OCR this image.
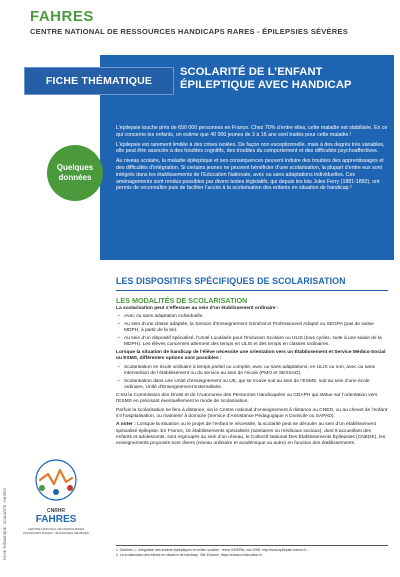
FAHRES
CENTRE NATIONAL DE RESSOURCES HANDICAPS RARES - ÉPILEPSIES SÉVÈRES
FICHE THÉMATIQUE
SCOLARITÉ DE L’ENFANT ÉPILEPTIQUE AVEC HANDICAP
Quelques données

L’épilepsie touche près de 650 000 personnes en France. Chez 70% d’entre elles, cette maladie est stabilisée. En ce qui concerne les enfants, on estime que 40 000 jeunes de 3 à 16 ans sont traités pour cette maladie.¹

L’épilepsie est rarement limitée à des crises isolées. De façon non exceptionnelle, mais à des degrés très variables, elle peut être associée à des troubles cognitifs, des troubles du comportement et des difficultés psychoaffectives.

Au niveau scolaire, la maladie épileptique et ses conséquences peuvent induire des troubles des apprentissages et des difficultés d’intégration. Si certains jeunes ne peuvent bénéficier d’une scolarisation, la plupart d’entre eux sont intégrés dans les établissements de l’Education Nationale, avec ou sans adaptations individuelles. Ces aménagements sont rendus possibles par divers textes législatifs, qui depuis les lois Jules Ferry (1881-1882), ont permis de reconnaître puis de faciliter l’accès à la scolarisation des enfants en situation de handicap.²

LES DISPOSITIFS SPÉCIFIQUES DE SCOLARISATION
LES MODALITÉS DE SCOLARISATION
La scolarisation peut s’effectuer au sein d’un établissement ordinaire :
• Avec ou sans adaptation individuelle.
• Au sein d’une classe adaptée, la Section d’Enseignement Général et Professionnel Adapté ou SEGPA (pas de saisie MDPH, à partir de la 6e).
• Au sein d’un dispositif spécialisé, l’Unité Localisée pour l’Inclusion Scolaire ou ULIS (tous cycles, suite à une saisie de la MDPH). Les élèves concernés alternent des temps en ULIS et des temps en classes ordinaires.
Lorsque la situation de handicap de l’élève nécessite une orientation vers un Établissement et Service Médico-Social ou ESMS, différentes options sont possibles :
• Scolarisation en école ordinaire à temps partiel ou complet, avec ou sans adaptations, en ULIS ou non, avec ou sans intervention de l’établissement ou du service au sein de l’école (PMO et SESSAD).
• Scolarisation dans une Unité d’enseignement ou UE, qui se trouve soit au sein de l’ESMS, soit au sein d’une école ordinaire, Unité d’Enseignement Externalisée.

C’est la Commission des Droits et de l’Autonomie des Personnes Handicapées ou CDAPH qui statue sur l’orientation vers l’ESMS en précisant éventuellement le mode de scolarisation.

Parfois la scolarisation se fera à distance, via le Centre national d’enseignement à distance ou CNED, ou au chevet de l’enfant s’il hospitalisation, ou maintenir à domicile (Service d’Assistance Pédagogique A Domicile ou SAPAD).

A noter : Lorsque la situation ou le projet de l’enfant le nécessite, la scolarité peut se dérouler au sein d’un établissement spécialisé épilepsie. En France, 15 établissements spécialisés (sanitaires ou médicaux sociaux), dont 9 accueillant des enfants et adolescents, sont regroupés au sein d’un réseau, le Collectif National Des Établissements Épilepsies (CNEDE), les enseignements proposés sont divers (niveau ordinaire et académique ou autre) en fonction des établissements.

1. Gauthier, L. Intégration des enfants épileptiques en milieu scolaire : revue INSERM, mai 2008. http://www.epilepsie-france.fr/...
2. La scolarisation des élèves en situation de handicap. Site Eduscol. https://eduscol.education.fr/...
CNRHR
FAHRES
CENTRE NATIONAL DE RESSOURCES HANDICAPS RARES - ÉPILEPSIES SÉVÈRES
FICHE THÉMATIQUE - SCOLARITÉ - FAHRES
